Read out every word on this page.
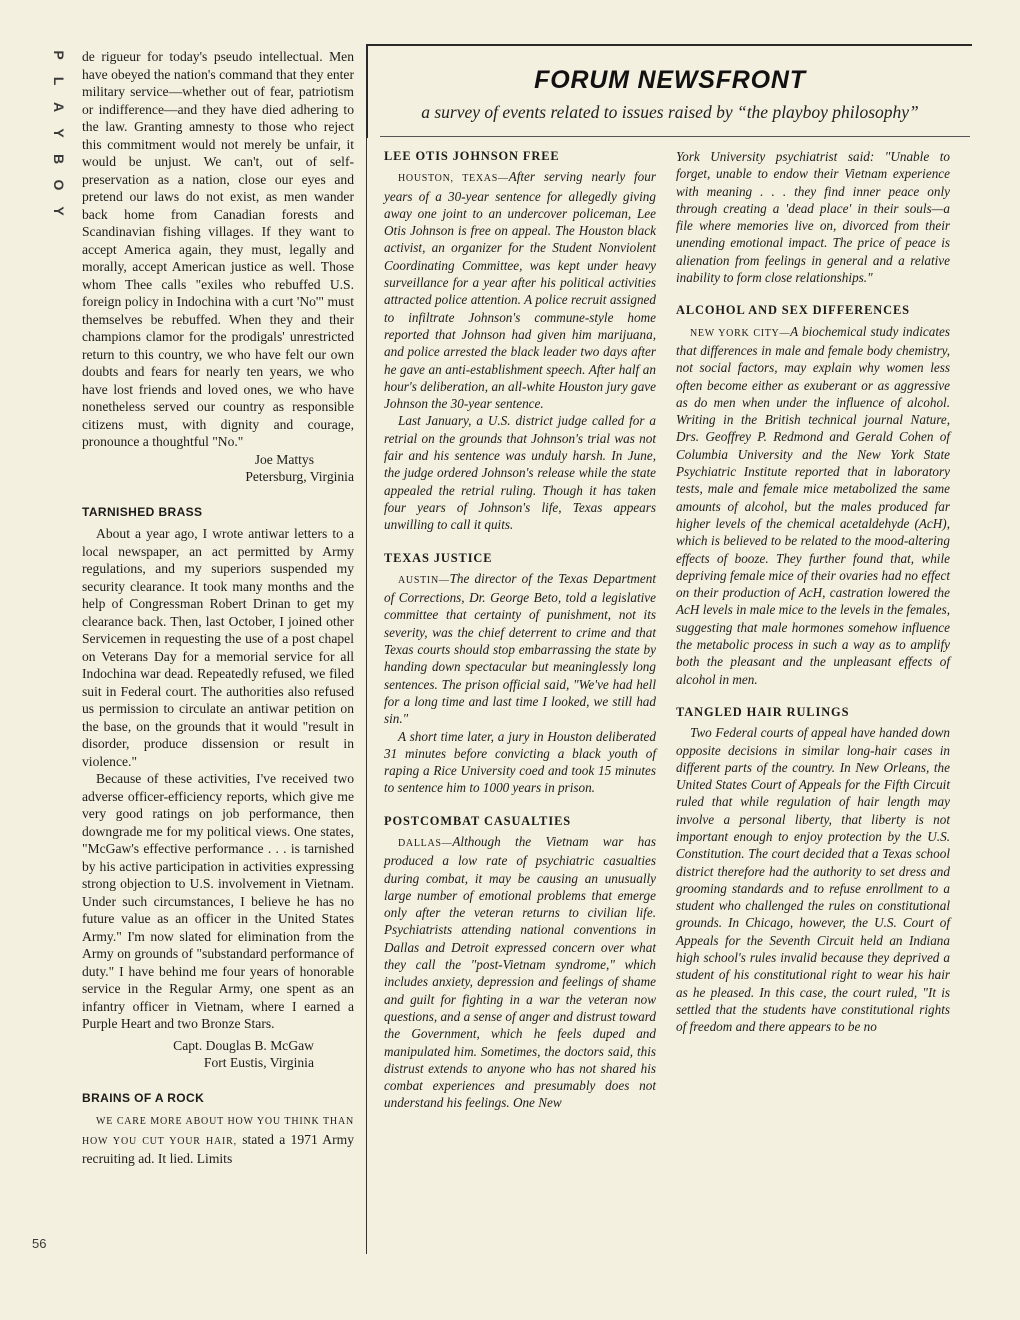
P
L
A
Y
B
O
Y
56

de rigueur for today's pseudo intellectual. Men have obeyed the nation's command that they enter military service—whether out of fear, patriotism or indifference—and they have died adhering to the law. Granting amnesty to those who reject this commitment would not merely be unfair, it would be unjust. We can't, out of self-preservation as a nation, close our eyes and pretend our laws do not exist, as men wander back home from Canadian forests and Scandinavian fishing villages. If they want to accept America again, they must, legally and morally, accept American justice as well. Those whom Thee calls "exiles who rebuffed U.S. foreign policy in Indochina with a curt 'No'" must themselves be rebuffed. When they and their champions clamor for the prodigals' unrestricted return to this country, we who have felt our own doubts and fears for nearly ten years, we who have lost friends and loved ones, we who have nonetheless served our country as responsible citizens must, with dignity and courage, pronounce a thoughtful "No."

Joe Mattys

Petersburg, Virginia

TARNISHED BRASS

About a year ago, I wrote antiwar letters to a local newspaper, an act permitted by Army regulations, and my superiors suspended my security clearance. It took many months and the help of Congressman Robert Drinan to get my clearance back. Then, last October, I joined other Servicemen in requesting the use of a post chapel on Veterans Day for a memorial service for all Indochina war dead. Repeatedly refused, we filed suit in Federal court. The authorities also refused us permission to circulate an antiwar petition on the base, on the grounds that it would "result in disorder, produce dissension or result in violence."

Because of these activities, I've received two adverse officer-efficiency reports, which give me very good ratings on job performance, then downgrade me for my political views. One states, "McGaw's effective performance . . . is tarnished by his active participation in activities expressing strong objection to U.S. involvement in Vietnam. Under such circumstances, I believe he has no future value as an officer in the United States Army." I'm now slated for elimination from the Army on grounds of "substandard performance of duty." I have behind me four years of honorable service in the Regular Army, one spent as an infantry officer in Vietnam, where I earned a Purple Heart and two Bronze Stars.

Capt. Douglas B. McGaw

Fort Eustis, Virginia

BRAINS OF A ROCK

WE CARE MORE ABOUT HOW YOU THINK THAN HOW YOU CUT YOUR HAIR, stated a 1971 Army recruiting ad. It lied. Limits

FORUM NEWSFRONT
a survey of events related to issues raised by “the playboy philosophy”
LEE OTIS JOHNSON FREE

HOUSTON, TEXAS—After serving nearly four years of a 30-year sentence for allegedly giving away one joint to an undercover policeman, Lee Otis Johnson is free on appeal. The Houston black activist, an organizer for the Student Nonviolent Coordinating Committee, was kept under heavy surveillance for a year after his political activities attracted police attention. A police recruit assigned to infiltrate Johnson's commune-style home reported that Johnson had given him marijuana, and police arrested the black leader two days after he gave an anti-establishment speech. After half an hour's deliberation, an all-white Houston jury gave Johnson the 30-year sentence.

Last January, a U.S. district judge called for a retrial on the grounds that Johnson's trial was not fair and his sentence was unduly harsh. In June, the judge ordered Johnson's release while the state appealed the retrial ruling. Though it has taken four years of Johnson's life, Texas appears unwilling to call it quits.

TEXAS JUSTICE

AUSTIN—The director of the Texas Department of Corrections, Dr. George Beto, told a legislative committee that certainty of punishment, not its severity, was the chief deterrent to crime and that Texas courts should stop embarrassing the state by handing down spectacular but meaninglessly long sentences. The prison official said, "We've had hell for a long time and last time I looked, we still had sin."

A short time later, a jury in Houston deliberated 31 minutes before convicting a black youth of raping a Rice University coed and took 15 minutes to sentence him to 1000 years in prison.

POSTCOMBAT CASUALTIES

DALLAS—Although the Vietnam war has produced a low rate of psychiatric casualties during combat, it may be causing an unusually large number of emotional problems that emerge only after the veteran returns to civilian life. Psychiatrists attending national conventions in Dallas and Detroit expressed concern over what they call the "post-Vietnam syndrome," which includes anxiety, depression and feelings of shame and guilt for fighting in a war the veteran now questions, and a sense of anger and distrust toward the Government, which he feels duped and manipulated him. Sometimes, the doctors said, this distrust extends to anyone who has not shared his combat experiences and presumably does not understand his feelings. One New

York University psychiatrist said: "Unable to forget, unable to endow their Vietnam experience with meaning . . . they find inner peace only through creating a 'dead place' in their souls—a file where memories live on, divorced from their unending emotional impact. The price of peace is alienation from feelings in general and a relative inability to form close relationships."

ALCOHOL AND SEX DIFFERENCES

NEW YORK CITY—A biochemical study indicates that differences in male and female body chemistry, not social factors, may explain why women less often become either as exuberant or as aggressive as do men when under the influence of alcohol. Writing in the British technical journal Nature, Drs. Geoffrey P. Redmond and Gerald Cohen of Columbia University and the New York State Psychiatric Institute reported that in laboratory tests, male and female mice metabolized the same amounts of alcohol, but the males produced far higher levels of the chemical acetaldehyde (AcH), which is believed to be related to the mood-altering effects of booze. They further found that, while depriving female mice of their ovaries had no effect on their production of AcH, castration lowered the AcH levels in male mice to the levels in the females, suggesting that male hormones somehow influence the metabolic process in such a way as to amplify both the pleasant and the unpleasant effects of alcohol in men.

TANGLED HAIR RULINGS

Two Federal courts of appeal have handed down opposite decisions in similar long-hair cases in different parts of the country. In New Orleans, the United States Court of Appeals for the Fifth Circuit ruled that while regulation of hair length may involve a personal liberty, that liberty is not important enough to enjoy protection by the U.S. Constitution. The court decided that a Texas school district therefore had the authority to set dress and grooming standards and to refuse enrollment to a student who challenged the rules on constitutional grounds. In Chicago, however, the U.S. Court of Appeals for the Seventh Circuit held an Indiana high school's rules invalid because they deprived a student of his constitutional right to wear his hair as he pleased. In this case, the court ruled, "It is settled that the students have constitutional rights of freedom and there appears to be no
